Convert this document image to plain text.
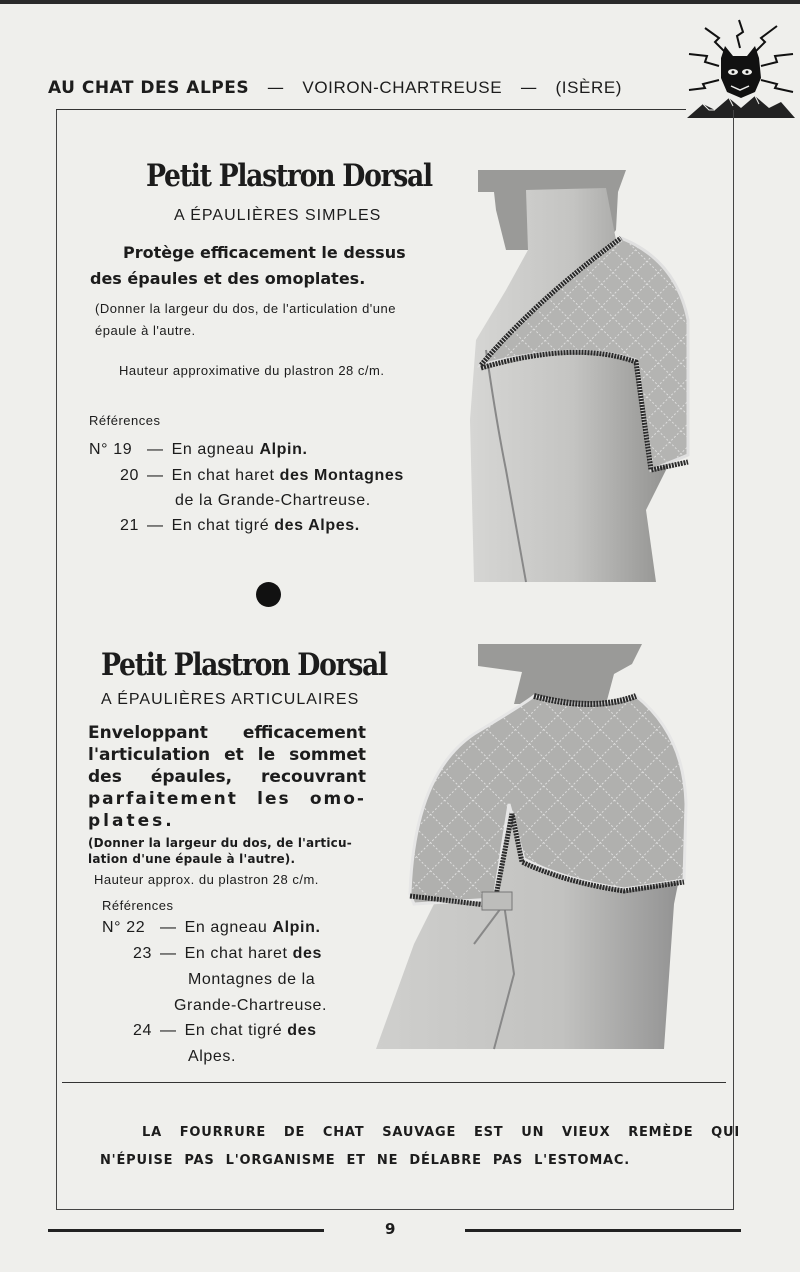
AU CHAT DES ALPES — VOIRON-CHARTREUSE — (ISÈRE)
Petit Plastron Dorsal
A ÉPAULIÈRES SIMPLES
Protège efficacement le dessus
des épaules et des omoplates.
(Donner la largeur du dos, de l'articulation d'une
épaule à l'autre.
Hauteur approximative du plastron 28 c/m.
Références
N° 19 — En agneau Alpin.
20 — En chat haret des Montagnes
de la Grande-Chartreuse.
21 — En chat tigré des Alpes.
Petit Plastron Dorsal
A ÉPAULIÈRES ARTICULAIRES
Enveloppant efficacement
l'articulation et le sommet
des épaules, recouvrant
parfaitement les omo-
plates.
(Donner la largeur du dos, de l'articu-
lation d'une épaule à l'autre).
Hauteur approx. du plastron 28 c/m.
Références
N° 22 — En agneau Alpin.
23 — En chat haret des
Montagnes de la
Grande-Chartreuse.
24 — En chat tigré des
Alpes.
LA FOURRURE DE CHAT SAUVAGE EST UN VIEUX REMÈDE QUI
N'ÉPUISE PAS L'ORGANISME ET NE DÉLABRE PAS L'ESTOMAC.
9
